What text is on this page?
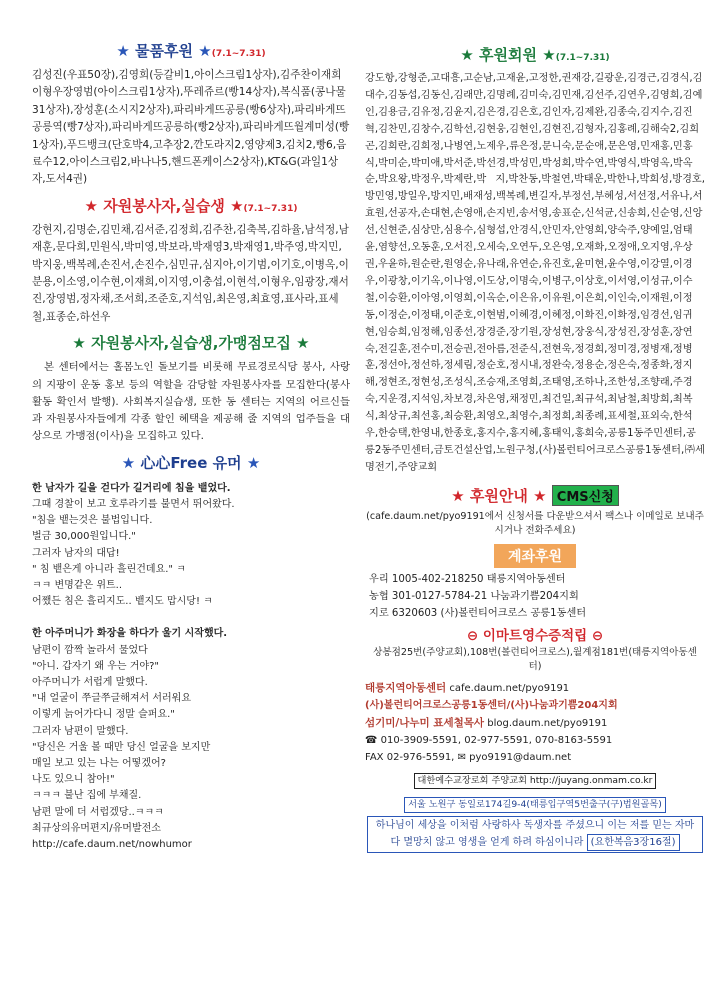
★ 물품후원 ★(7.1~7.31)
김성진(우표50장),김영희(등갈비1,아이스크림1상자),김주찬이재희이형우장영범(아이스크림1상자),뚜레쥬르(빵14상자),복식품(콩나물31상자),장성훈(소시지2상자),파리바게뜨공릉(빵6상자),파리바게뜨공릉역(빵7상자),파리바게뜨공릉하(빵2상자),파리바게뜨월계미성(빵1상자),푸드뱅크(단호박4,고추장2,깐도라지2,영양제3,김치2,빵6,음료수12,아이스크림2,바나나5,핸드폰케이스2상자),KT&G(과일1상자,도서4권)
★ 자원봉사자,실습생 ★(7.1~7.31)
강현지,김명순,김민채,김서준,김정희,김주찬,김축복,김하율,남석정,남재훈,문다희,민원식,박미영,박보라,박재영3,박재영1,박주영,박지민,박지웅,백복례,손진서,손진수,심민규,심지아,이기범,이기호,이병옥,이분용,이소영,이수현,이재희,이지영,이충섭,이현석,이형우,임광장,재서진,장영범,정자채,조서희,조준호,지석임,최은영,최효영,표사라,표세철,표종순,하선우
★ 자원봉사자,실습생,가맹점모집 ★
본 센터에서는 홀몸노인 돌보기를 비롯해 무료경로식당 봉사, 사랑의 지팡이 운동 홍보 등의 역할을 감당할 자원봉사자를 모집한다(봉사활동 확인서 발행). 사회복지실습생, 또한 동 센터는 지역의 어르신들과 자원봉사자들에게 각종 할인 혜택을 제공해 줄 지역의 업주들을 대상으로 가맹점(이사)을 모집하고 있다.
★ 心心Free 유머 ★
한 남자가 길을 걷다가 길거리에 침을 뱉었다.
그때 경찰이 보고 호루라기를 불면서 뛰어왔다.
"침을 뱉는것은 불법입니다.
벌금 30,000원입니다."
그러자 남자의 대답!
" 침 뱉은게 아니라 흘린건데요." ㅋ
ㅋㅋ 변명같은 위트..
어쨌든 침은 흘리지도.. 뱉지도 맙시당! ㅋ
한 아주머니가 화장을 하다가 울기 시작했다.
남편이 깜짝 놀라서 물었다
"아니. 갑자기 왜 우는 거야?"
아주머니가 서럽게 말했다.
"내 얼굴이 쭈글쭈글해져서 서러워요
이렇게 늙어가다니 정말 슬퍼요."
그러자 남편이 말했다.
"당신은 거울 볼 때만 당신 얼굴을 보지만
매일 보고 있는 나는 어떻겠어?
나도 있으니 참아!"
ㅋㅋㅋ 불난 집에 부채질.
남편 말에 더 서럽겠당..ㅋㅋㅋ
최규상의유머편지/유머발전소
http://cafe.daum.net/nowhumor
★ 후원회원 ★(7.1~7.31)
강도항,강형준,고대흥,고순남,고재윤,고정한,권재강,길광운,김경근,김경식,김대수,김동섭,김동신,김래만,김명례,김미숙,김민재,김선주,김연우,김영희,김예인,김용금,김유정,김윤지,김은경,김은호,김인자,김제완,김종숙,김지수,김진혁,김찬민,김창수,김학선,김현웅,김현인,김현진,김형자,김홍례,김해숙2,김희곤,김희란,김희정,나병연,노제우,류은정,문니숙,문순애,문은영,민재홍,민홍식,박미순,박미애,박서준,박선경,박성민,박성희,박수연,박영식,박영옥,박옥순,박요왕,박정우,박제란,박 지,박찬동,박철연,박태운,박한나,박희성,방경호,방민영,방일우,방지민,배재성,백복례,변길자,부정선,부혜성,서선정,서유나,서효원,선공자,손대현,손영애,손지빈,송서영,송표순,신석균,신송희,신순영,신앙선,신현준,심상만,심용수,심형섭,안경식,안민자,안영희,양숙주,양예일,엄태윤,염향선,오동훈,오서진,오세숙,오연두,오은영,오재화,오정애,오지영,우상권,우윤하,원순란,원영순,유나래,유연순,유진호,윤미현,윤수영,이강열,이경우,이광창,이기옥,이나영,이도상,이명숙,이병구,이상호,이서영,이성규,이수철,이승환,이아영,이영희,이옥순,이은유,이유원,이은희,이인숙,이재원,이정동,이정순,이정태,이준호,이현범,이혜경,이혜정,이화진,이화정,임경선,임귀현,임승희,임정해,임종선,장경준,장기원,장성현,장웅식,장성진,장성훈,장연숙,전길훈,전수미,전승권,전아름,전준식,전현욱,정경희,정미경,정병재,정병훈,정선아,정선하,정세림,정순호,정시내,정완숙,정용순,정은숙,정종화,정지해,정현조,정현성,조성식,조승재,조영희,조태영,조하나,조한성,조향래,주경숙,지운경,지석임,차보경,차은영,채정민,최건일,최규석,최남철,최방희,최복식,최상규,최선홍,최승환,최영오,최영수,최정희,최종례,표세철,표외숙,한석우,한승택,한영내,한종호,홍지수,홍지혜,홍태익,홍희숙,공릉1동주민센터,공릉2동주민센터,금토건설산업,노원구청,(사)볼런티어크로스공릉1동센터,㈜세명전기,주양교회
★ 후원안내 ★ CMS신청
(cafe.daum.net/pyo9191에서 신청서를 다운받으셔서 팩스나 이메일로 보내주시거나 전화주세요)
계좌후원
우리 1005-402-218250 태릉지역아동센터
농협 301-0127-5784-21 나눔과기쁨204지회
지로 6320603 (사)볼런티어크로스 공릉1동센터
⊖ 이마트영수증적립 ⊖
상봉점25번(주양교회),108번(볼런티어크로스),월계점181번(태릉지역아동센터)
태릉지역아동센터 cafe.daum.net/pyo9191
(사)볼런티어크로스공릉1동센터/(사)나눔과기쁨204지회
섬기미/나누미 표세철목사 blog.daum.net/pyo9191
☎ 010-3909-5591, 02-977-5591, 070-8163-5591
FAX 02-976-5591, ✉ pyo9191@daum.net
대한예수교장로회 주양교회 http://juyang.onmam.co.kr
서울 노원구 동일로174길9-4(태릉입구역5번출구(구)법원골목)
하나님이 세상을 이처럼 사랑하사 독생자를 주셨으니 이는 저를 믿는 자마다 멸망치 않고 영생을 얻게 하려 하심이니라 (요한복음3장16절)
